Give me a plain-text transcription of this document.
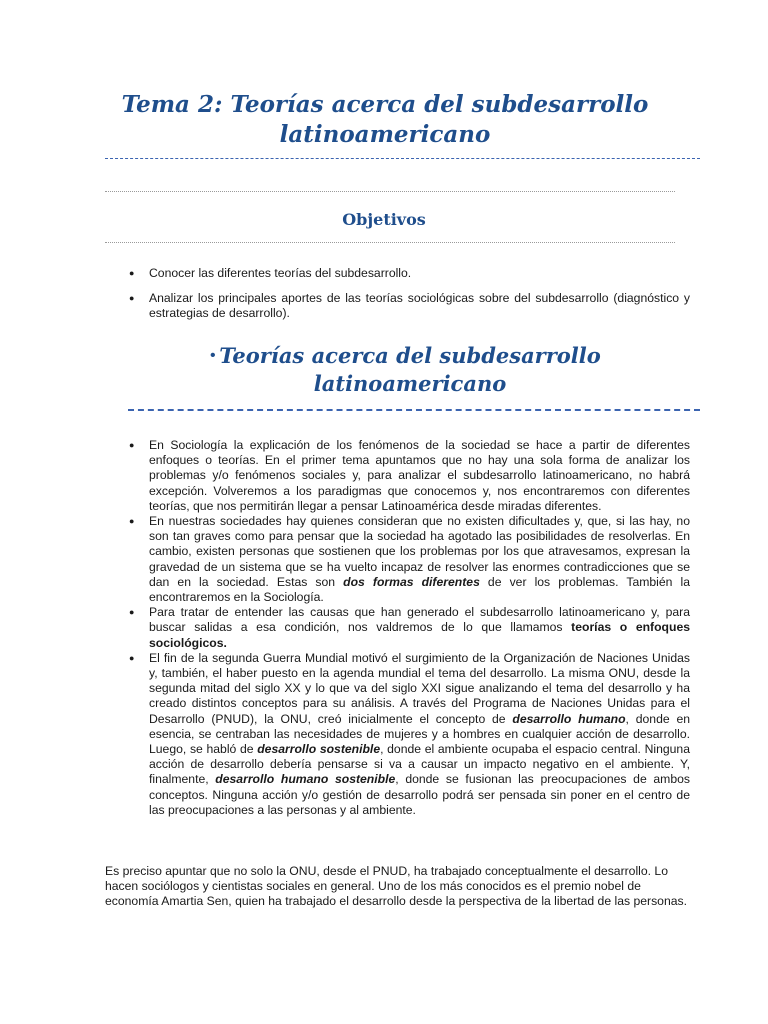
Tema 2: Teorías acerca del subdesarrollo latinoamericano
Objetivos
● Conocer las diferentes teorías del subdesarrollo.
● Analizar los principales aportes de las teorías sociológicas sobre del subdesarrollo (diagnóstico y estrategias de desarrollo).
• Teorías acerca del subdesarrollo latinoamericano
● En Sociología la explicación de los fenómenos de la sociedad se hace a partir de diferentes enfoques o teorías. En el primer tema apuntamos que no hay una sola forma de analizar los problemas y/o fenómenos sociales y, para analizar el subdesarrollo latinoamericano, no habrá excepción. Volveremos a los paradigmas que conocemos y, nos encontraremos con diferentes teorías, que nos permitirán llegar a pensar Latinoamérica desde miradas diferentes.
● En nuestras sociedades hay quienes consideran que no existen dificultades y, que, si las hay, no son tan graves como para pensar que la sociedad ha agotado las posibilidades de resolverlas. En cambio, existen personas que sostienen que los problemas por los que atravesamos, expresan la gravedad de un sistema que se ha vuelto incapaz de resolver las enormes contradicciones que se dan en la sociedad. Estas son dos formas diferentes de ver los problemas. También la encontraremos en la Sociología.
● Para tratar de entender las causas que han generado el subdesarrollo latinoamericano y, para buscar salidas a esa condición, nos valdremos de lo que llamamos teorías o enfoques sociológicos.
● El fin de la segunda Guerra Mundial motivó el surgimiento de la Organización de Naciones Unidas y, también, el haber puesto en la agenda mundial el tema del desarrollo. La misma ONU, desde la segunda mitad del siglo XX y lo que va del siglo XXI sigue analizando el tema del desarrollo y ha creado distintos conceptos para su análisis. A través del Programa de Naciones Unidas para el Desarrollo (PNUD), la ONU, creó inicialmente el concepto de desarrollo humano, donde en esencia, se centraban las necesidades de mujeres y a hombres en cualquier acción de desarrollo. Luego, se habló de desarrollo sostenible, donde el ambiente ocupaba el espacio central. Ninguna acción de desarrollo debería pensarse si va a causar un impacto negativo en el ambiente. Y, finalmente, desarrollo humano sostenible, donde se fusionan las preocupaciones de ambos conceptos. Ninguna acción y/o gestión de desarrollo podrá ser pensada sin poner en el centro de las preocupaciones a las personas y al ambiente.

Es preciso apuntar que no solo la ONU, desde el PNUD, ha trabajado conceptualmente el desarrollo. Lo hacen sociólogos y cientistas sociales en general. Uno de los más conocidos es el premio nobel de economía Amartia Sen, quien ha trabajado el desarrollo desde la perspectiva de la libertad de las personas.
